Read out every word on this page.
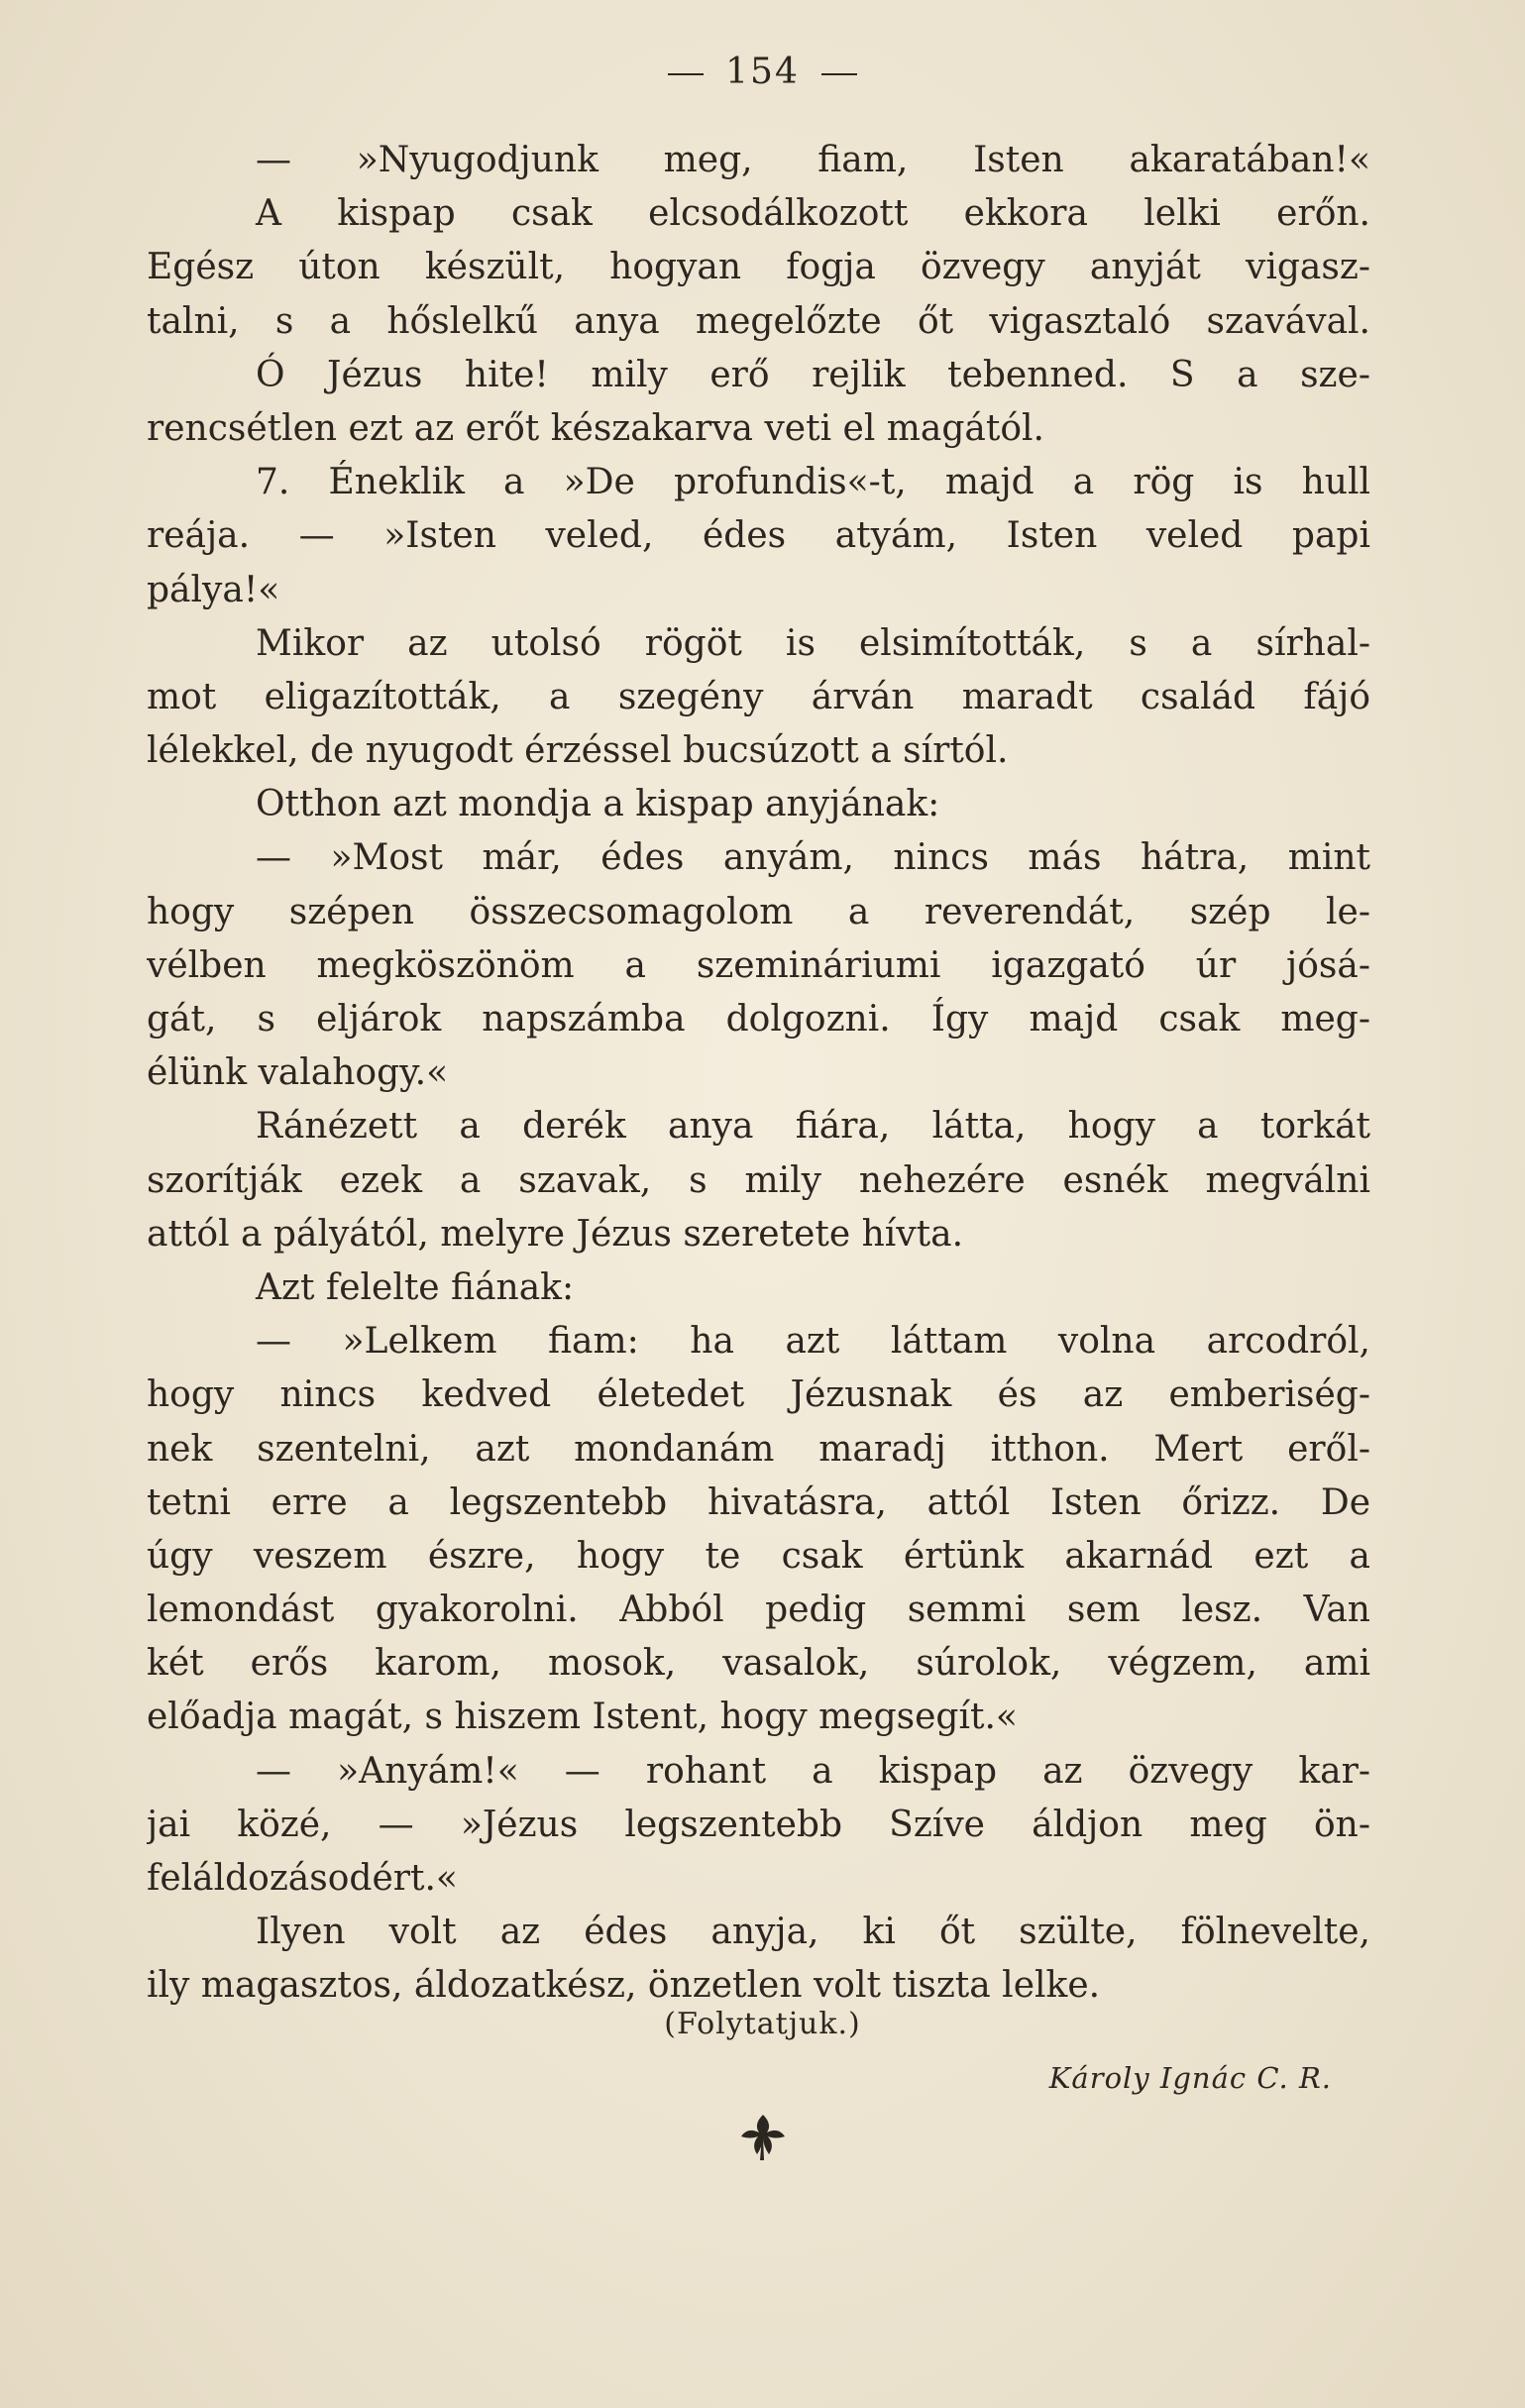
154
— »Nyugodjunk meg, fiam, Isten akaratában!«
A kispap csak elcsodálkozott ekkora lelki erőn.
Egész úton készült, hogyan fogja özvegy anyját vigasz-
talni, s a hőslelkű anya megelőzte őt vigasztaló szavával.
Ó Jézus hite! mily erő rejlik tebenned. S a sze-
rencsétlen ezt az erőt készakarva veti el magától.
7. Éneklik a »De profundis«-t, majd a rög is hull
reája. — »Isten veled, édes atyám, Isten veled papi
pálya!«
Mikor az utolsó rögöt is elsimították, s a sírhal-
mot eligazították, a szegény árván maradt család fájó
lélekkel, de nyugodt érzéssel bucsúzott a sírtól.
Otthon azt mondja a kispap anyjának:
— »Most már, édes anyám, nincs más hátra, mint
hogy szépen összecsomagolom a reverendát, szép le-
vélben megköszönöm a szemináriumi igazgató úr jósá-
gát, s eljárok napszámba dolgozni. Így majd csak meg-
élünk valahogy.«
Ránézett a derék anya fiára, látta, hogy a torkát
szorítják ezek a szavak, s mily nehezére esnék megválni
attól a pályától, melyre Jézus szeretete hívta.
Azt felelte fiának:
— »Lelkem fiam: ha azt láttam volna arcodról,
hogy nincs kedved életedet Jézusnak és az emberiség-
nek szentelni, azt mondanám maradj itthon. Mert eről-
tetni erre a legszentebb hivatásra, attól Isten őrizz. De
úgy veszem észre, hogy te csak értünk akarnád ezt a
lemondást gyakorolni. Abból pedig semmi sem lesz. Van
két erős karom, mosok, vasalok, súrolok, végzem, ami
előadja magát, s hiszem Istent, hogy megsegít.«
— »Anyám!« — rohant a kispap az özvegy kar-
jai közé, — »Jézus legszentebb Szíve áldjon meg ön-
feláldozásodért.«
Ilyen volt az édes anyja, ki őt szülte, fölnevelte,
ily magasztos, áldozatkész, önzetlen volt tiszta lelke.
(Folytatjuk.)
Károly Ignác C. R.
